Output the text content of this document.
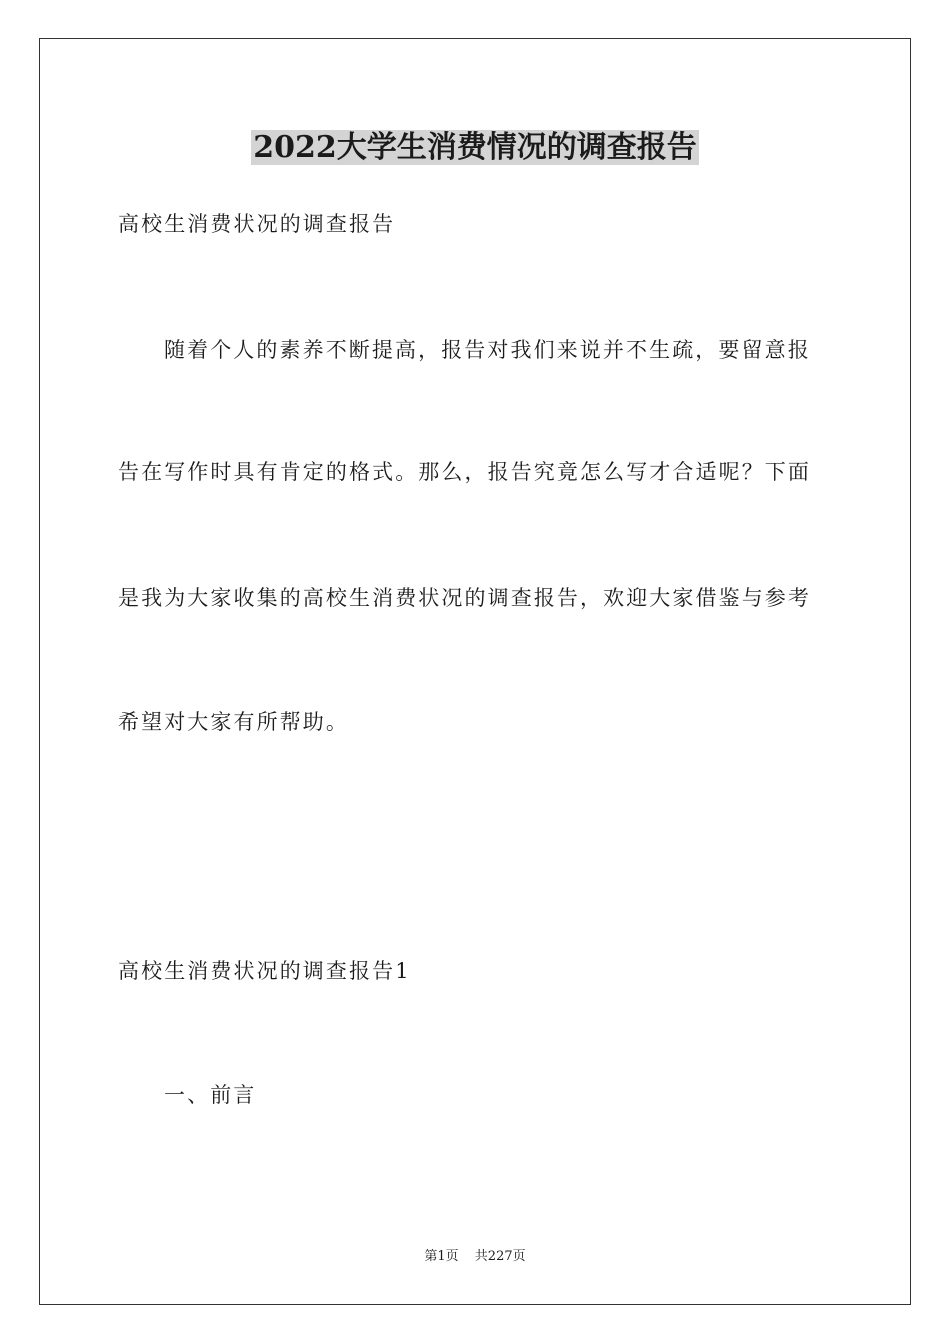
2022大学生消费情况的调查报告
高校生消费状况的调查报告
随着个人的素养不断提高，报告对我们来说并不生疏，要留意报
告在写作时具有肯定的格式。那么，报告究竟怎么写才合适呢？下面
是我为大家收集的高校生消费状况的调查报告，欢迎大家借鉴与参考
希望对大家有所帮助。
高校生消费状况的调查报告1
一、前言
第1页 共227页
